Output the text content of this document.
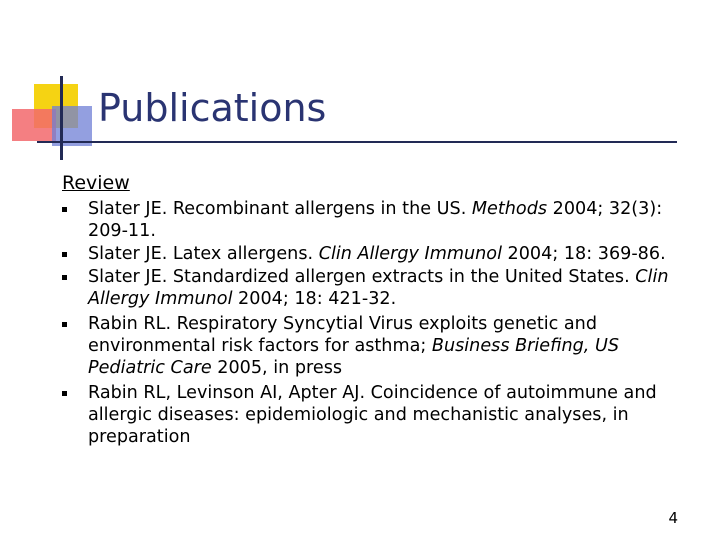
Publications
Review
Slater JE. Recombinant allergens in the US. Methods 2004; 32(3): 209-11.
Slater JE. Latex allergens. Clin Allergy Immunol 2004; 18: 369-86.
Slater JE. Standardized allergen extracts in the United States. Clin Allergy Immunol 2004; 18: 421-32.
Rabin RL. Respiratory Syncytial Virus exploits genetic and environmental risk factors for asthma; Business Briefing, US Pediatric Care 2005, in press
Rabin RL, Levinson AI, Apter AJ. Coincidence of autoimmune and allergic diseases: epidemiologic and mechanistic analyses, in preparation
4
